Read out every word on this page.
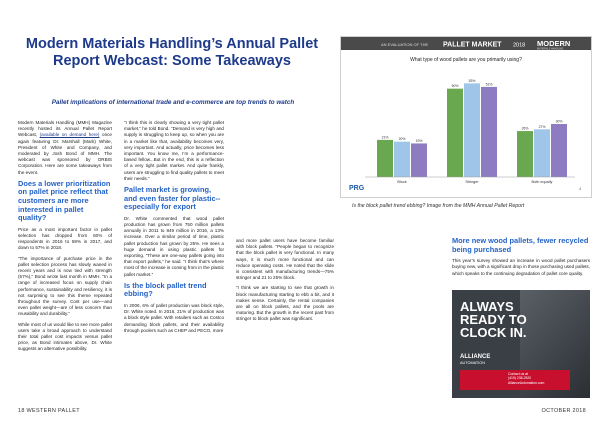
Modern Materials Handling’s Annual Pallet Report Webcast: Some Takeaways
Pallet implications of international trade and e-commerce are top trends to watch

Modern Materials Handling (MMH) Magazine recently hosted its Annual Pallet Report Webcast, (available on demand here) once again featuring Dr. Marshall (Mark) White, President of White and Company, and moderated by Josh Bond of MMH. The webcast was sponsored by ORBIS Corporation. Here are some takeaways from the event.

Does a lower prioritization on pallet price reflect that customers are more interested in pallet quality?

Price as a most important factor in pallet selection has dropped from 60% of respondents in 2016 to 59% in 2017, and down to 57% in 2018.

“The importance of purchase price in the pallet selection process has slowly waned in recent years and is now tied with strength (57%),” Bond wrote last month in MMH. “In a range of increased focus on supply chain performance, sustainability and resiliency, it is not surprising to see this theme repeated throughout the survey. Cost per use—and even pallet weight—are of less concern than reusability and durability.”

While most of us would like to see more pallet users take a broad approach to understand their total pallet cost impacts versus pallet price, as Bond intimates above, Dr. White suggests an alternative possibility.

“I think this is clearly showing a very tight pallet market,” he told Bond. “Demand is very high and supply is struggling to keep up, so when you are in a market like that, availability becomes very, very important. And actually, price becomes less important. You know me, I’m a performance-based fellow...But in the end, this is a reflection of a very tight pallet market. And quite frankly, users are struggling to find quality pallets to meet their needs.”

Pallet market is growing, and even faster for plastic--especially for export

Dr. White commented that wood pallet production has grown from 750 million pallets annually in 2011 to 849 million in 2016, a 13% increase. Over a similar period of time, plastic pallet production has grown by 25%. He sees a huge demand in using plastic pallets for exporting. “These are one-way pallets going into that export pallets,” he said. “I think that’s where most of the increase is coming from in the plastic pallet market.”

Is the block pallet trend ebbing?

In 2006, 6% of pallet production was block style, Dr. White noted. In 2016, 21% of production was a block style pallet. With retailers such as Costco demanding block pallets, and their availability through poolers such as CHEP and PECO, more

AN EVALUATION OF THE PALLET MARKET 2018 MODERN
MATERIALS HANDLING
What type of wood pallets are you primarily using?
21%	20%	19%
Block
50%
53%
51%
Stringer
26%	27%
30%
Both equally
PRG	4
Is the block pallet trend ebbing? Image from the MMH Annual Pallet Report

and more pallet users have become familiar with block pallets. “People began to recognize that the block pallet is very functional. In many ways, it is much more functional and can reduce operating costs. He noted that the slide is consistent with manufacturing trends—75% stringer and 21 to 25% block.

“I think we are starting to see that growth in block manufacturing starting to ebb a bit, and it makes sense. Certainly, the rental companies are all on block pallets, and the pools are maturing. But the growth in the recent past from stringer to block pallet was significant.

More new wood pallets, fewer recycled being purchased

This year’s survey showed an increase in wood pallet purchasers buying new, with a significant drop in those purchasing used pallets, which speaks to the continuing degradation of pallet core quality.

ALWAYS
READY TO
CLOCK IN.
ALLIANCE
AUTOMATION
Contact us at
(419) 238-2520
AllianceAutomation.com
18 WESTERN PALLET	OCTOBER 2018
